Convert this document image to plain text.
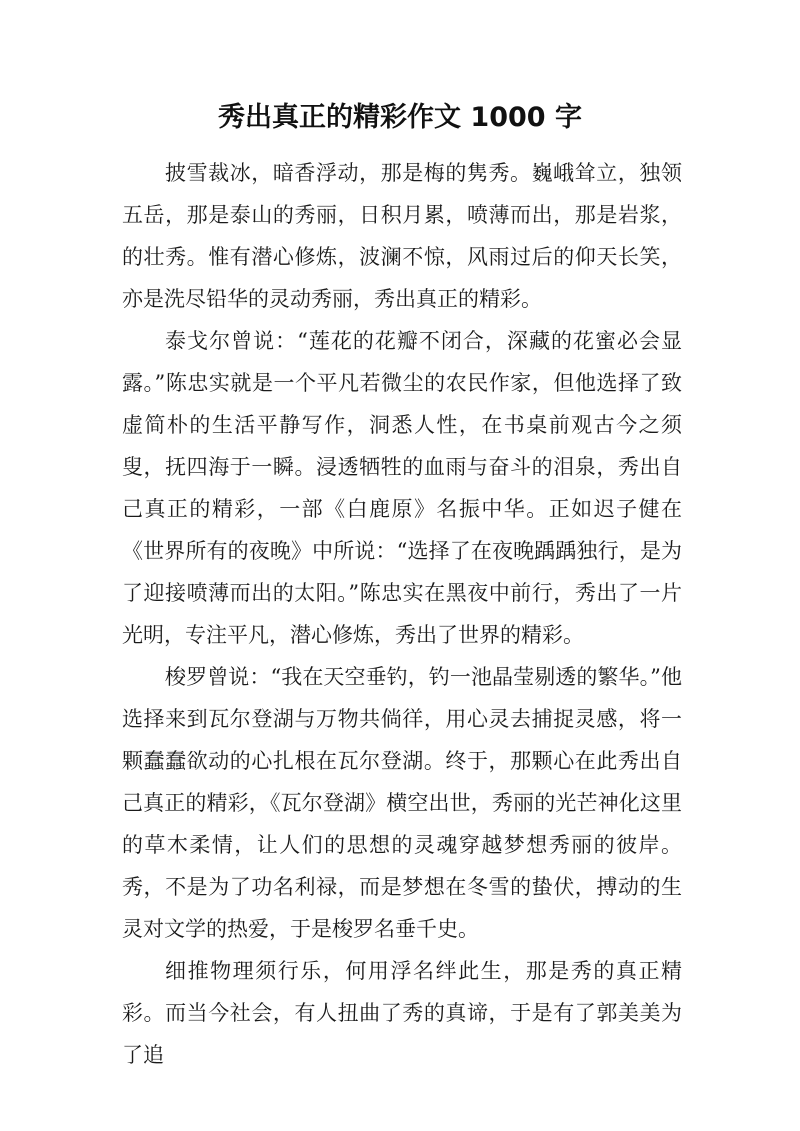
秀出真正的精彩作文 1000 字

披雪裁冰，暗香浮动，那是梅的隽秀。巍峨耸立，独领五岳，那是泰山的秀丽，日积月累，喷薄而出，那是岩浆，的壮秀。惟有潜心修炼，波澜不惊，风雨过后的仰天长笑，亦是洗尽铅华的灵动秀丽，秀出真正的精彩。

泰戈尔曾说：“莲花的花瓣不闭合，深藏的花蜜必会显露。”陈忠实就是一个平凡若微尘的农民作家，但他选择了致虚简朴的生活平静写作，洞悉人性，在书桌前观古今之须叟，抚四海于一瞬。浸透牺牲的血雨与奋斗的泪泉，秀出自己真正的精彩，一部《白鹿原》名振中华。正如迟子健在《世界所有的夜晚》中所说：“选择了在夜晚踽踽独行，是为了迎接喷薄而出的太阳。”陈忠实在黑夜中前行，秀出了一片光明，专注平凡，潜心修炼，秀出了世界的精彩。

梭罗曾说：“我在天空垂钓，钓一池晶莹剔透的繁华。”他选择来到瓦尔登湖与万物共倘徉，用心灵去捕捉灵感，将一颗蠢蠢欲动的心扎根在瓦尔登湖。终于，那颗心在此秀出自己真正的精彩，《瓦尔登湖》横空出世，秀丽的光芒神化这里的草木柔情，让人们的思想的灵魂穿越梦想秀丽的彼岸。秀，不是为了功名利禄，而是梦想在冬雪的蛰伏，搏动的生灵对文学的热爱，于是梭罗名垂千史。

细推物理须行乐，何用浮名绊此生，那是秀的真正精彩。而当今社会，有人扭曲了秀的真谛，于是有了郭美美为了追
